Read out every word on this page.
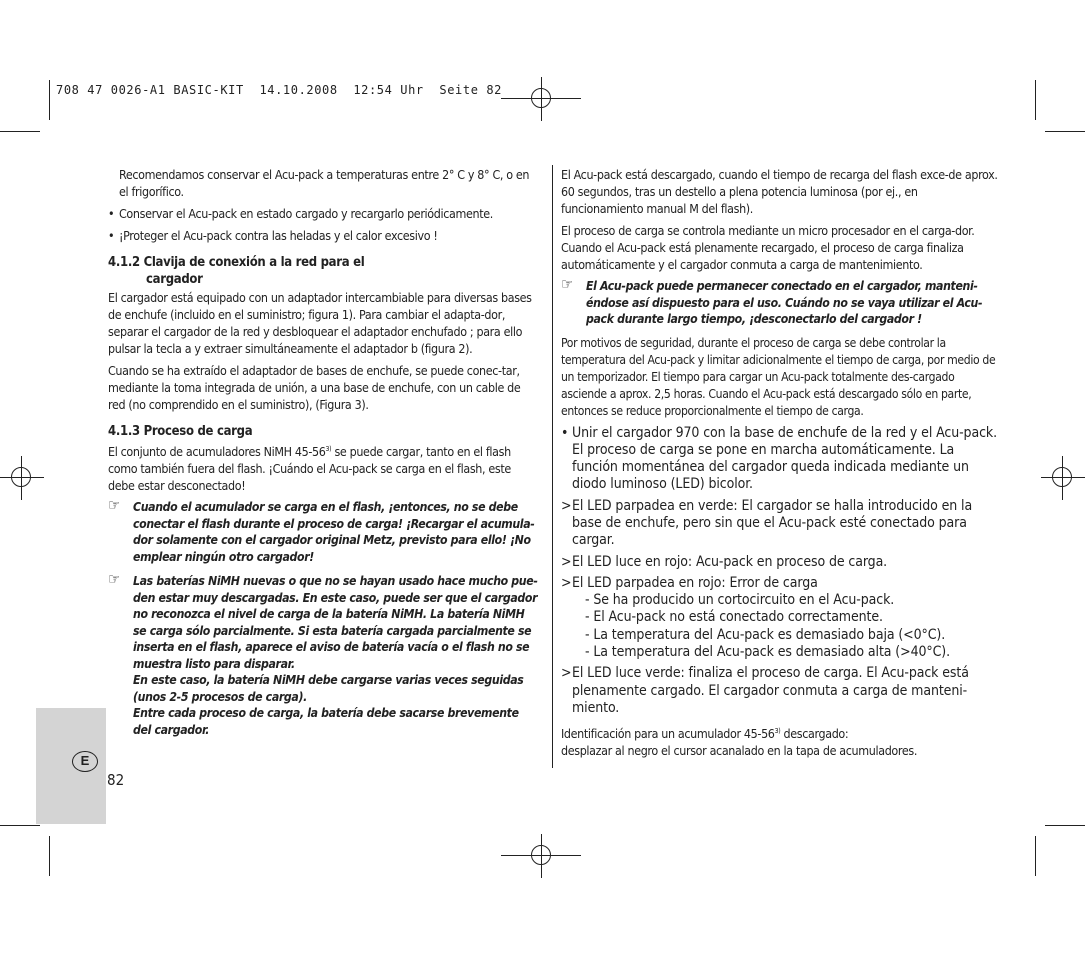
708 47 0026-A1 BASIC-KIT  14.10.2008  12:54 Uhr  Seite 82

Recomendamos conservar el Acu-pack a temperaturas entre 2° C y 8° C, o en el frigorífico.

• Conservar el Acu-pack en estado cargado y recargarlo periódicamente.

• ¡Proteger el Acu-pack contra las heladas y el calor excesivo !

4.1.2 Clavija de conexión a la red para el
cargador

El cargador está equipado con un adaptador intercambiable para diversas bases de enchufe (incluido en el suministro; figura 1). Para cambiar el adapta-dor, separar el cargador de la red y desbloquear el adaptador enchufado ; para ello pulsar la tecla a y extraer simultáneamente el adaptador b (figura 2).

Cuando se ha extraído el adaptador de bases de enchufe, se puede conec-tar, mediante la toma integrada de unión, a una base de enchufe, con un cable de red (no comprendido en el suministro), (Figura 3).

4.1.3 Proceso de carga

El conjunto de acumuladores NiMH 45-56$^{3)}$ se puede cargar, tanto en el flash como también fuera del flash. ¡Cuándo el Acu-pack se carga en el flash, este debe estar desconectado!

☞ Cuando el acumulador se carga en el flash, ¡entonces, no se debe conectar el flash durante el proceso de carga! ¡Recargar el acumula-dor solamente con el cargador original Metz, previsto para ello! ¡No emplear ningún otro cargador!

☞ Las baterías NiMH nuevas o que no se hayan usado hace mucho pue-den estar muy descargadas. En este caso, puede ser que el cargador no reconozca el nivel de carga de la batería NiMH. La batería NiMH se carga sólo parcialmente. Si esta batería cargada parcialmente se inserta en el flash, aparece el aviso de batería vacía o el flash no se muestra listo para disparar.

En este caso, la batería NiMH debe cargarse varias veces seguidas (unos 2-5 procesos de carga).

Entre cada proceso de carga, la batería debe sacarse brevemente del cargador.

El Acu-pack está descargado, cuando el tiempo de recarga del flash exce-de aprox. 60 segundos, tras un destello a plena potencia luminosa (por ej., en funcionamiento manual M del flash).

El proceso de carga se controla mediante un micro procesador en el carga-dor. Cuando el Acu-pack está plenamente recargado, el proceso de carga finaliza automáticamente y el cargador conmuta a carga de mantenimiento.

☞ El Acu-pack puede permanecer conectado en el cargador, manteni-éndose así dispuesto para el uso. Cuándo no se vaya utilizar el Acu-pack durante largo tiempo, ¡desconectarlo del cargador !

Por motivos de seguridad, durante el proceso de carga se debe controlar la temperatura del Acu-pack y limitar adicionalmente el tiempo de carga, por medio de un temporizador. El tiempo para cargar un Acu-pack totalmente des-cargado asciende a aprox. 2,5 horas. Cuando el Acu-pack está descargado sólo en parte, entonces se reduce proporcionalmente el tiempo de carga.

• Unir el cargador 970 con la base de enchufe de la red y el Acu-pack. El proceso de carga se pone en marcha automáticamente. La función momentánea del cargador queda indicada mediante un diodo luminoso (LED) bicolor.

> El LED parpadea en verde: El cargador se halla introducido en la base de enchufe, pero sin que el Acu-pack esté conectado para cargar.

> El LED luce en rojo: Acu-pack en proceso de carga.

> El LED parpadea en rojo: Error de carga
- Se ha producido un cortocircuito en el Acu-pack.
- El Acu-pack no está conectado correctamente.
- La temperatura del Acu-pack es demasiado baja (<0°C).
- La temperatura del Acu-pack es demasiado alta (>40°C).

> El LED luce verde: finaliza el proceso de carga. El Acu-pack está plenamente cargado. El cargador conmuta a carga de manteni-miento.

Identificación para un acumulador 45-56$^{3)}$ descargado:
desplazar al negro el cursor acanalado en la tapa de acumuladores.

E
82
